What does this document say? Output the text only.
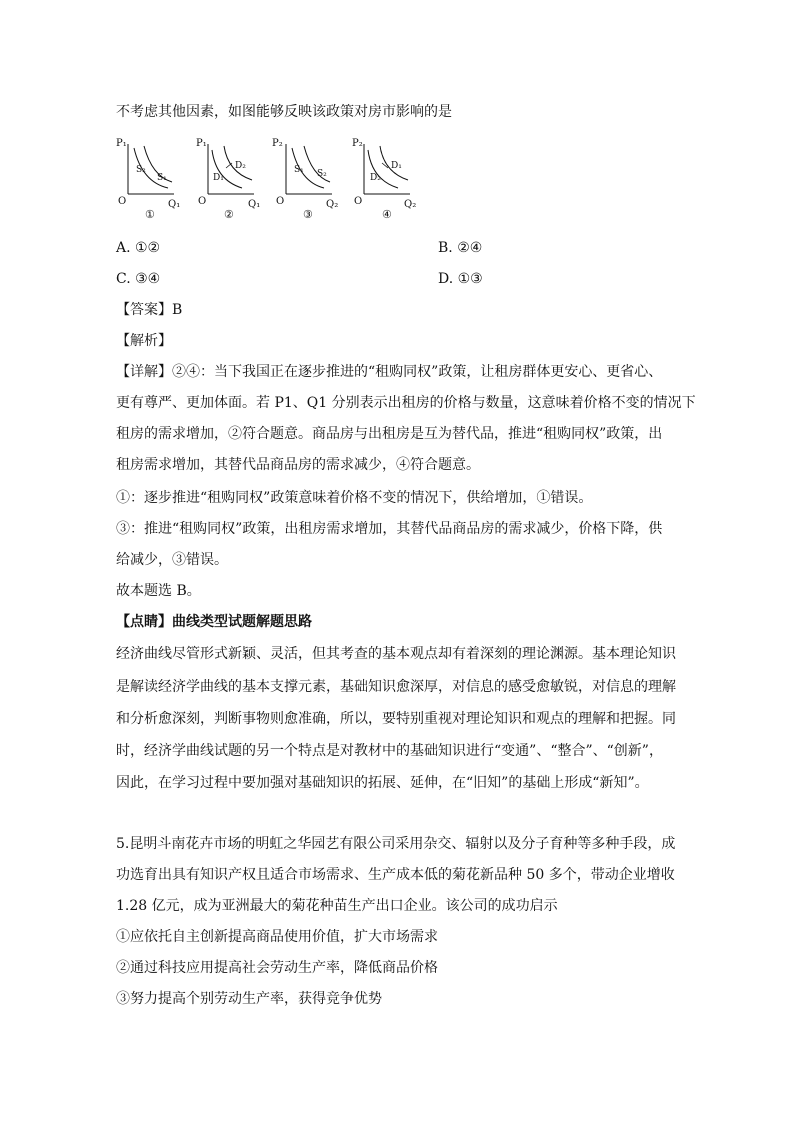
不考虑其他因素，如图能够反映该政策对房市影响的是
P₁
O	Q₁
S₂
S₁
①
P₁
O	Q₁
D₁
D₂
②
P₂
O	Q₂
S₁ S₂
③
P₂
O	Q₂
D₂
D₁
④
A. ①②	B. ②④
C. ③④	D. ①③
【答案】B
【解析】
【详解】②④：当下我国正在逐步推进的“租购同权”政策，让租房群体更安心、更省心、
更有尊严、更加体面。若 P1、Q1 分别表示出租房的价格与数量，这意味着价格不变的情况下
租房的需求增加，②符合题意。商品房与出租房是互为替代品，推进“租购同权”政策，出
租房需求增加，其替代品商品房的需求减少，④符合题意。
①：逐步推进“租购同权”政策意味着价格不变的情况下，供给增加，①错误。
③：推进“租购同权”政策，出租房需求增加，其替代品商品房的需求减少，价格下降，供
给减少，③错误。
故本题选 B。
【点睛】曲线类型试题解题思路
经济曲线尽管形式新颖、灵活，但其考查的基本观点却有着深刻的理论渊源。基本理论知识
是解读经济学曲线的基本支撑元素，基础知识愈深厚，对信息的感受愈敏锐，对信息的理解
和分析愈深刻，判断事物则愈准确，所以，要特别重视对理论知识和观点的理解和把握。同
时，经济学曲线试题的另一个特点是对教材中的基础知识进行“变通”、“整合”、“创新”，
因此，在学习过程中要加强对基础知识的拓展、延伸，在“旧知”的基础上形成“新知”。
5.昆明斗南花卉市场的明虹之华园艺有限公司采用杂交、辐射以及分子育种等多种手段，成
功选育出具有知识产权且适合市场需求、生产成本低的菊花新品种 50 多个，带动企业增收
1.28 亿元，成为亚洲最大的菊花种苗生产出口企业。该公司的成功启示
①应依托自主创新提高商品使用价值，扩大市场需求
②通过科技应用提高社会劳动生产率，降低商品价格
③努力提高个别劳动生产率，获得竞争优势
